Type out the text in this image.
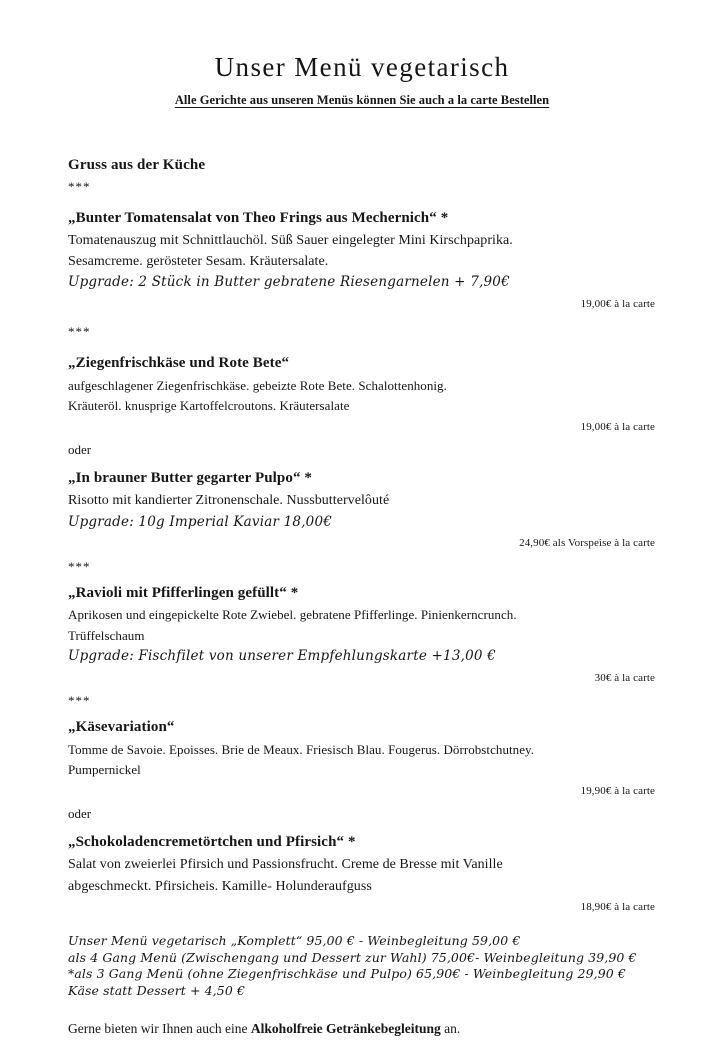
Unser Menü vegetarisch
Alle Gerichte aus unseren Menüs können Sie auch a la carte Bestellen
Gruss aus der Küche
***
„Bunter Tomatensalat von Theo Frings aus Mechernich“ *
Tomatenauszug mit Schnittlauchöl. Süß Sauer eingelegter Mini Kirschpaprika.
Sesamcreme. gerösteter Sesam. Kräutersalate.
Upgrade: 2 Stück in Butter gebratene Riesengarnelen + 7,90€
19,00€ à la carte
***
„Ziegenfrischkäse und Rote Bete“
aufgeschlagener Ziegenfrischkäse. gebeizte Rote Bete. Schalottenhonig.
Kräuteröl. knusprige Kartoffelcroutons. Kräutersalate
19,00€ à la carte
oder
„In brauner Butter gegarter Pulpo“ *
Risotto mit kandierter Zitronenschale. Nussbuttervelôuté
Upgrade: 10g Imperial Kaviar 18,00€
24,90€ als Vorspeise à la carte
***
„Ravioli mit Pfifferlingen gefüllt“ *
Aprikosen und eingepickelte Rote Zwiebel. gebratene Pfifferlinge. Pinienkerncrunch.
Trüffelschaum
Upgrade: Fischfilet von unserer Empfehlungskarte +13,00 €
30€ à la carte
***
„Käsevariation“
Tomme de Savoie. Epoisses. Brie de Meaux. Friesisch Blau. Fougerus. Dörrobstchutney.
Pumpernickel
19,90€ à la carte
oder
„Schokoladencremetörtchen und Pfirsich“ *
Salat von zweierlei Pfirsich und Passionsfrucht. Creme de Bresse mit Vanille
abgeschmeckt. Pfirsicheis. Kamille- Holunderaufguss
18,90€ à la carte
Unser Menü vegetarisch „Komplett“ 95,00 € - Weinbegleitung 59,00 €
als 4 Gang Menü (Zwischengang und Dessert zur Wahl) 75,00€- Weinbegleitung 39,90 €
*als 3 Gang Menü (ohne Ziegenfrischkäse und Pulpo) 65,90€ - Weinbegleitung 29,90 €
Käse statt Dessert + 4,50 €
Gerne bieten wir Ihnen auch eine Alkoholfreie Getränkebegleitung an.
